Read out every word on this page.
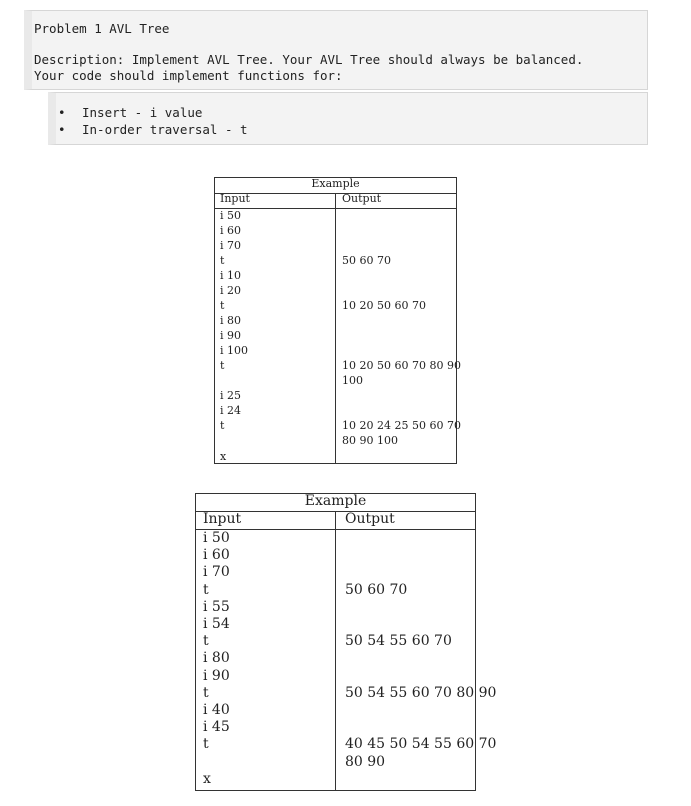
Problem 1 AVL Tree
Description: Implement AVL Tree. Your AVL Tree should always be balanced.
Your code should implement functions for:

•

Insert - i value

•

In-order traversal - t

Example
Input	Output
i 50
i 60
i 70
t	50 60 70
i 10
i 20
t	10 20 50 60 70
i 80
i 90
i 100
t	10 20 50 60 70 80 90
100
i 25
i 24
t	10 20 24 25 50 60 70
80 90 100
x
Example
Input	Output
i 50
i 60
i 70
t	50 60 70
i 55
i 54
t	50 54 55 60 70
i 80
i 90
t	50 54 55 60 70 80 90
i 40
i 45
t	40 45 50 54 55 60 70
80 90
x
